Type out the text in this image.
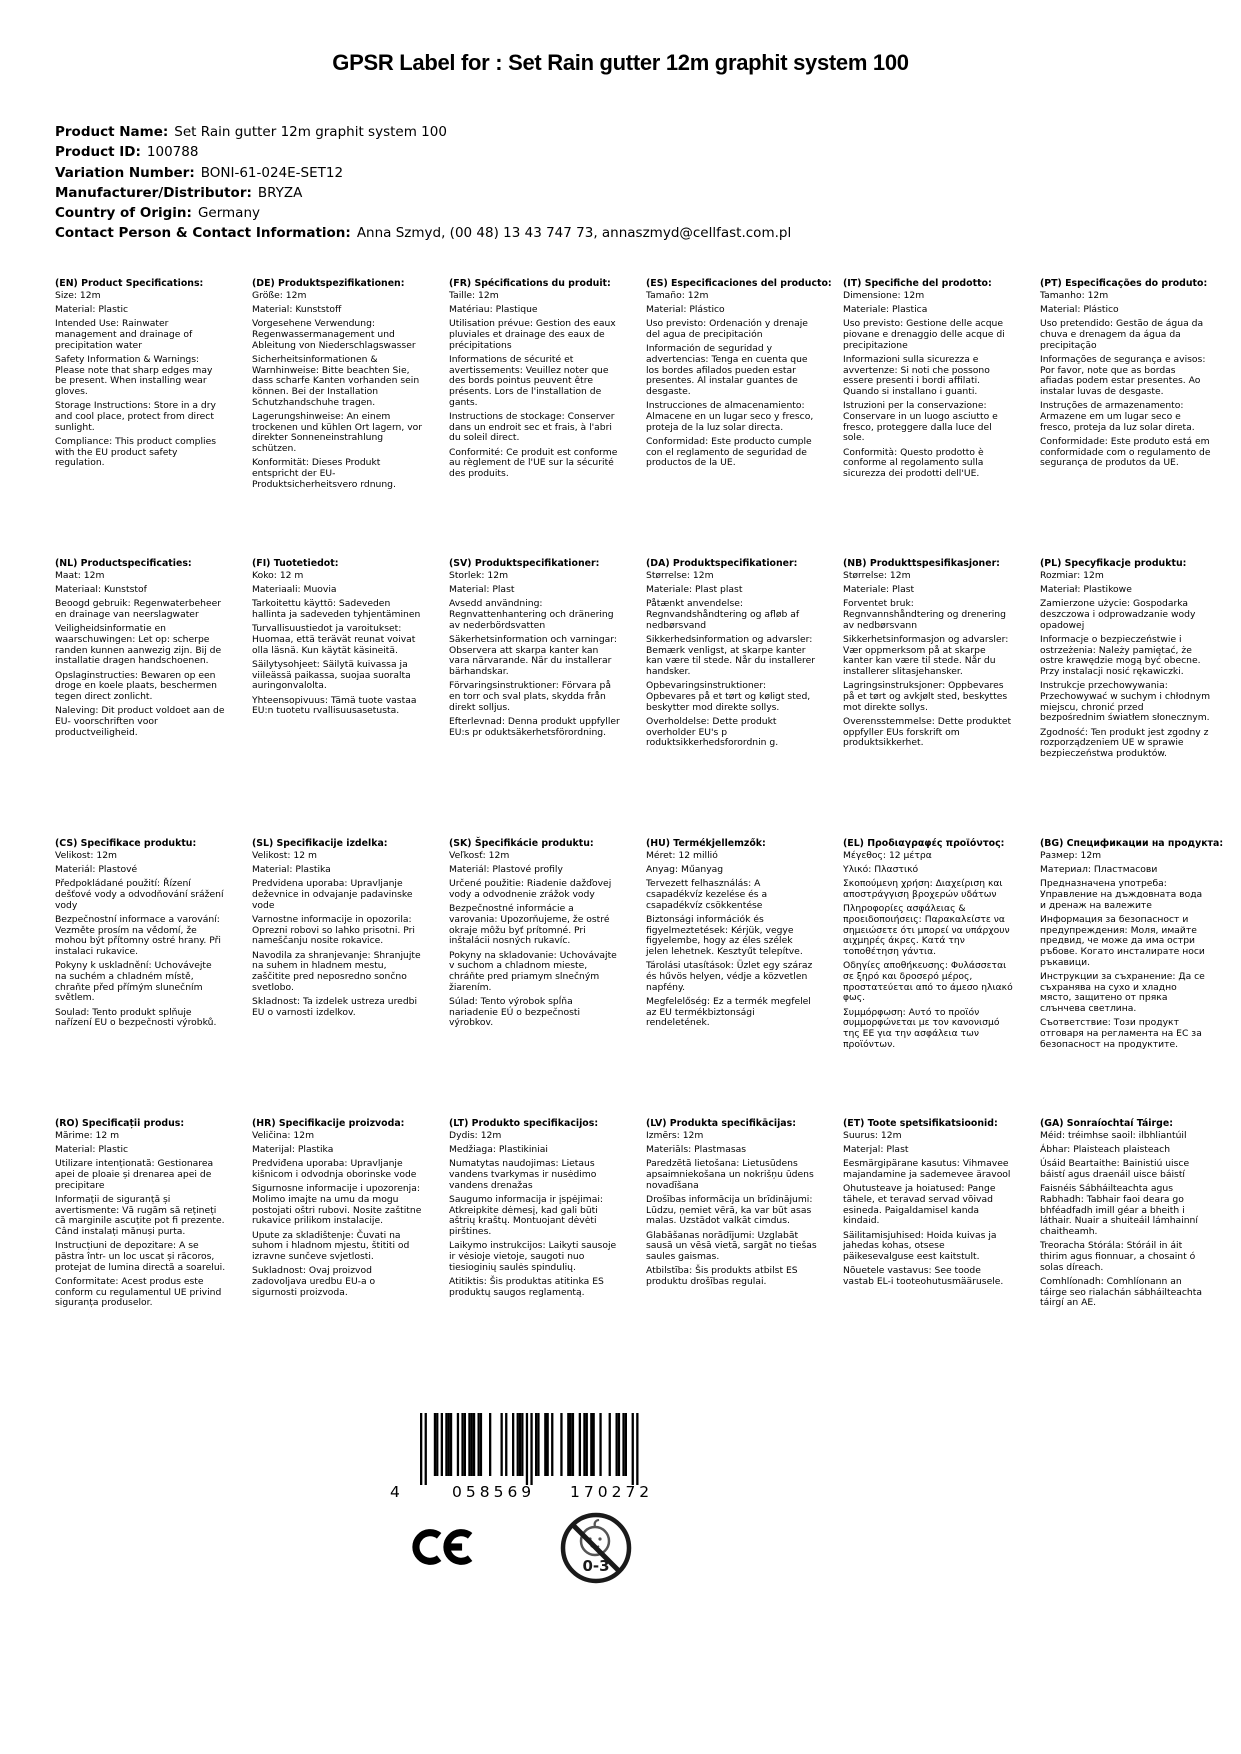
GPSR Label for : Set Rain gutter 12m graphit system 100
Product Name: Set Rain gutter 12m graphit system 100
Product ID: 100788
Variation Number: BONI-61-024E-SET12
Manufacturer/Distributor: BRYZA
Country of Origin: Germany
Contact Person & Contact Information: Anna Szmyd, (00 48) 13 43 747 73, annaszmyd@cellfast.com.pl
(EN) Product Specifications:

Size: 12m

Material: Plastic

Intended Use: Rainwater management and drainage of precipitation water

Safety Information & Warnings: Please note that sharp edges may be present. When installing wear gloves.

Storage Instructions: Store in a dry and cool place, protect from direct sunlight.

Compliance: This product complies with the EU product safety regulation.

(DE) Produktspezifikationen:

Größe: 12m

Material: Kunststoff

Vorgesehene Verwendung: Regenwassermanagement und Ableitung von Niederschlagswasser

Sicherheitsinformationen & Warnhinweise: Bitte beachten Sie, dass scharfe Kanten vorhanden sein können. Bei der Installation Schutzhandschuhe tragen.

Lagerungshinweise: An einem trockenen und kühlen Ort lagern, vor direkter Sonneneinstrahlung schützen.

Konformität: Dieses Produkt entspricht der EU-Produktsicherheitsvero rdnung.

(FR) Spécifications du produit:

Taille: 12m

Matériau: Plastique

Utilisation prévue: Gestion des eaux pluviales et drainage des eaux de précipitations

Informations de sécurité et avertissements: Veuillez noter que des bords pointus peuvent être présents. Lors de l'installation de gants.

Instructions de stockage: Conserver dans un endroit sec et frais, à l'abri du soleil direct.

Conformité: Ce produit est conforme au règlement de l'UE sur la sécurité des produits.

(ES) Especificaciones del producto:

Tamaño: 12m

Material: Plástico

Uso previsto: Ordenación y drenaje del agua de precipitación

Información de seguridad y advertencias: Tenga en cuenta que los bordes afilados pueden estar presentes. Al instalar guantes de desgaste.

Instrucciones de almacenamiento: Almacene en un lugar seco y fresco, proteja de la luz solar directa.

Conformidad: Este producto cumple con el reglamento de seguridad de productos de la UE.

(IT) Specifiche del prodotto:

Dimensione: 12m

Materiale: Plastica

Uso previsto: Gestione delle acque piovane e drenaggio delle acque di precipitazione

Informazioni sulla sicurezza e avvertenze: Si noti che possono essere presenti i bordi affilati. Quando si installano i guanti.

Istruzioni per la conservazione: Conservare in un luogo asciutto e fresco, proteggere dalla luce del sole.

Conformità: Questo prodotto è conforme al regolamento sulla sicurezza dei prodotti dell'UE.

(PT) Especificações do produto:

Tamanho: 12m

Material: Plástico

Uso pretendido: Gestão de água da chuva e drenagem da água da precipitação

Informações de segurança e avisos: Por favor, note que as bordas afiadas podem estar presentes. Ao instalar luvas de desgaste.

Instruções de armazenamento: Armazene em um lugar seco e fresco, proteja da luz solar direta.

Conformidade: Este produto está em conformidade com o regulamento de segurança de produtos da UE.

(NL) Productspecificaties:

Maat: 12m

Materiaal: Kunststof

Beoogd gebruik: Regenwaterbeheer en drainage van neerslagwater

Veiligheidsinformatie en waarschuwingen: Let op: scherpe randen kunnen aanwezig zijn. Bij de installatie dragen handschoenen.

Opslaginstructies: Bewaren op een droge en koele plaats, beschermen tegen direct zonlicht.

Naleving: Dit product voldoet aan de EU- voorschriften voor productveiligheid.

(FI) Tuotetiedot:

Koko: 12 m

Materiaali: Muovia

Tarkoitettu käyttö: Sadeveden hallinta ja sadeveden tyhjentäminen

Turvallisuustiedot ja varoitukset: Huomaa, että terävät reunat voivat olla läsnä. Kun käytät käsineitä.

Säilytysohjeet: Säilytä kuivassa ja viileässä paikassa, suojaa suoralta auringonvalolta.

Yhteensopivuus: Tämä tuote vastaa EU:n tuotetu rvallisuusasetusta.

(SV) Produktspecifikationer:

Storlek: 12m

Material: Plast

Avsedd användning: Regnvattenhantering och dränering av nederbördsvatten

Säkerhetsinformation och varningar: Observera att skarpa kanter kan vara närvarande. När du installerar bärhandskar.

Förvaringsinstruktioner: Förvara på en torr och sval plats, skydda från direkt solljus.

Efterlevnad: Denna produkt uppfyller EU:s pr oduktsäkerhetsförordning.

(DA) Produktspecifikationer:

Størrelse: 12m

Materiale: Plast plast

Påtænkt anvendelse: Regnvandshåndtering og afløb af nedbørsvand

Sikkerhedsinformation og advarsler: Bemærk venligst, at skarpe kanter kan være til stede. Når du installerer handsker.

Opbevaringsinstruktioner: Opbevares på et tørt og køligt sted, beskytter mod direkte sollys.

Overholdelse: Dette produkt overholder EU's p roduktsikkerhedsforordnin g.

(NB) Produkttspesifikasjoner:

Størrelse: 12m

Materiale: Plast

Forventet bruk: Regnvannshåndtering og drenering av nedbørsvann

Sikkerhetsinformasjon og advarsler: Vær oppmerksom på at skarpe kanter kan være til stede. Når du installerer slitasjehansker.

Lagringsinstruksjoner: Oppbevares på et tørt og avkjølt sted, beskyttes mot direkte sollys.

Overensstemmelse: Dette produktet oppfyller EUs forskrift om produktsikkerhet.

(PL) Specyfikacje produktu:

Rozmiar: 12m

Materiał: Plastikowe

Zamierzone użycie: Gospodarka deszczowa i odprowadzanie wody opadowej

Informacje o bezpieczeństwie i ostrzeżenia: Należy pamiętać, że ostre krawędzie mogą być obecne. Przy instalacji nosić rękawiczki.

Instrukcje przechowywania: Przechowywać w suchym i chłodnym miejscu, chronić przed bezpośrednim światłem słonecznym.

Zgodność: Ten produkt jest zgodny z rozporządzeniem UE w sprawie bezpieczeństwa produktów.

(CS) Specifikace produktu:

Velikost: 12m

Materiál: Plastové

Předpokládané použití: Řízení dešťové vody a odvodňování srážení vody

Bezpečnostní informace a varování: Vezměte prosím na vědomí, že mohou být přítomny ostré hrany. Při instalaci rukavice.

Pokyny k uskladnění: Uchovávejte na suchém a chladném místě, chraňte před přímým slunečním světlem.

Soulad: Tento produkt splňuje nařízení EU o bezpečnosti výrobků.

(SL) Specifikacije izdelka:

Velikost: 12 m

Material: Plastika

Predvidena uporaba: Upravljanje deževnice in odvajanje padavinske vode

Varnostne informacije in opozorila: Oprezni robovi so lahko prisotni. Pri nameščanju nosite rokavice.

Navodila za shranjevanje: Shranjujte na suhem in hladnem mestu, zaščitite pred neposredno sončno svetlobo.

Skladnost: Ta izdelek ustreza uredbi EU o varnosti izdelkov.

(SK) Špecifikácie produktu:

Veľkosť: 12m

Materiál: Plastové profily

Určené použitie: Riadenie dažďovej vody a odvodnenie zrážok vody

Bezpečnostné informácie a varovania: Upozorňujeme, že ostré okraje môžu byť prítomné. Pri inštalácii nosných rukavíc.

Pokyny na skladovanie: Uchovávajte v suchom a chladnom mieste, chráňte pred priamym slnečným žiarením.

Súlad: Tento výrobok spĺňa nariadenie EÚ o bezpečnosti výrobkov.

(HU) Termékjellemzők:

Méret: 12 millió

Anyag: Műanyag

Tervezett felhasználás: A csapadékvíz kezelése és a csapadékvíz csökkentése

Biztonsági információk és figyelmeztetések: Kérjük, vegye figyelembe, hogy az éles szélek jelen lehetnek. Kesztyűt telepítve.

Tárolási utasítások: Üzlet egy száraz és hűvös helyen, védje a közvetlen napfény.

Megfelelőség: Ez a termék megfelel az EU termékbiztonsági rendeletének.

(EL) Προδιαγραφές προϊόντος:

Μέγεθος: 12 μέτρα

Υλικό: Πλαστικό

Σκοπούμενη χρήση: Διαχείριση και αποστράγγιση βροχερών υδάτων

Πληροφορίες ασφάλειας & προειδοποιήσεις: Παρακαλείστε να σημειώσετε ότι μπορεί να υπάρχουν αιχμηρές άκρες. Κατά την τοποθέτηση γάντια.

Οδηγίες αποθήκευσης: Φυλάσσεται σε ξηρό και δροσερό μέρος, προστατεύεται από το άμεσο ηλιακό φως.

Συμμόρφωση: Αυτό το προϊόν συμμορφώνεται με τον κανονισμό της ΕΕ για την ασφάλεια των προϊόντων.

(BG) Спецификации на продукта:

Размер: 12m

Материал: Пластмасови

Предназначена употреба: Управление на дъждовната вода и дренаж на валежите

Информация за безопасност и предупреждения: Моля, имайте предвид, че може да има остри ръбове. Когато инсталирате носи ръкавици.

Инструкции за съхранение: Да се съхранява на сухо и хладно място, защитено от пряка слънчева светлина.

Съответствие: Този продукт отговаря на регламента на ЕС за безопасност на продуктите.

(RO) Specificații produs:

Mărime: 12 m

Material: Plastic

Utilizare intenționată: Gestionarea apei de ploaie și drenarea apei de precipitare

Informații de siguranță și avertismente: Vă rugăm să rețineți că marginile ascuțite pot fi prezente. Când instalați mănuși purta.

Instrucțiuni de depozitare: A se păstra într- un loc uscat și răcoros, protejat de lumina directă a soarelui.

Conformitate: Acest produs este conform cu regulamentul UE privind siguranța produselor.

(HR) Specifikacije proizvoda:

Veličina: 12m

Materijal: Plastika

Predviđena uporaba: Upravljanje kišnicom i odvodnja oborinske vode

Sigurnosne informacije i upozorenja: Molimo imajte na umu da mogu postojati oštri rubovi. Nosite zaštitne rukavice prilikom instalacije.

Upute za skladištenje: Čuvati na suhom i hladnom mjestu, štititi od izravne sunčeve svjetlosti.

Sukladnost: Ovaj proizvod zadovoljava uredbu EU-a o sigurnosti proizvoda.

(LT) Produkto specifikacijos:

Dydis: 12m

Medžiaga: Plastikiniai

Numatytas naudojimas: Lietaus vandens tvarkymas ir nusėdimo vandens drenažas

Saugumo informacija ir įspėjimai: Atkreipkite dėmesį, kad gali būti aštrių kraštų. Montuojant dėvėti pirštines.

Laikymo instrukcijos: Laikyti sausoje ir vėsioje vietoje, saugoti nuo tiesioginių saulės spindulių.

Atitiktis: Šis produktas atitinka ES produktų saugos reglamentą.

(LV) Produkta specifikācijas:

Izmērs: 12m

Materiāls: Plastmasas

Paredzētā lietošana: Lietusūdens apsaimniekošana un nokrišņu ūdens novadīšana

Drošības informācija un brīdinājumi: Lūdzu, ņemiet vērā, ka var būt asas malas. Uzstādot valkāt cimdus.

Glabāšanas norādījumi: Uzglabāt sausā un vēsā vietā, sargāt no tiešas saules gaismas.

Atbilstība: Šis produkts atbilst ES produktu drošības regulai.

(ET) Toote spetsifikatsioonid:

Suurus: 12m

Materjal: Plast

Eesmärgipärane kasutus: Vihmavee majandamine ja sademevee äravool

Ohutusteave ja hoiatused: Pange tähele, et teravad servad võivad esineda. Paigaldamisel kanda kindaid.

Säilitamisjuhised: Hoida kuivas ja jahedas kohas, otsese päikesevalguse eest kaitstult.

Nõuetele vastavus: See toode vastab EL-i tooteohutusmäärusele.

(GA) Sonraíochtaí Táirge:

Méid: tréimhse saoil: ilbhliantúil

Ábhar: Plaisteach plaisteach

Úsáid Beartaithe: Bainistiú uisce báistí agus draenáil uisce báistí

Faisnéis Sábháilteachta agus Rabhadh: Tabhair faoi deara go bhféadfadh imill géar a bheith i láthair. Nuair a shuiteáil lámhainní chaitheamh.

Treoracha Stórála: Stóráil in áit thirim agus fionnuar, a chosaint ó solas díreach.

Comhlíonadh: Comhlíonann an táirge seo rialachán sábháilteachta táirgí an AE.

4	058569 170272
0-3
